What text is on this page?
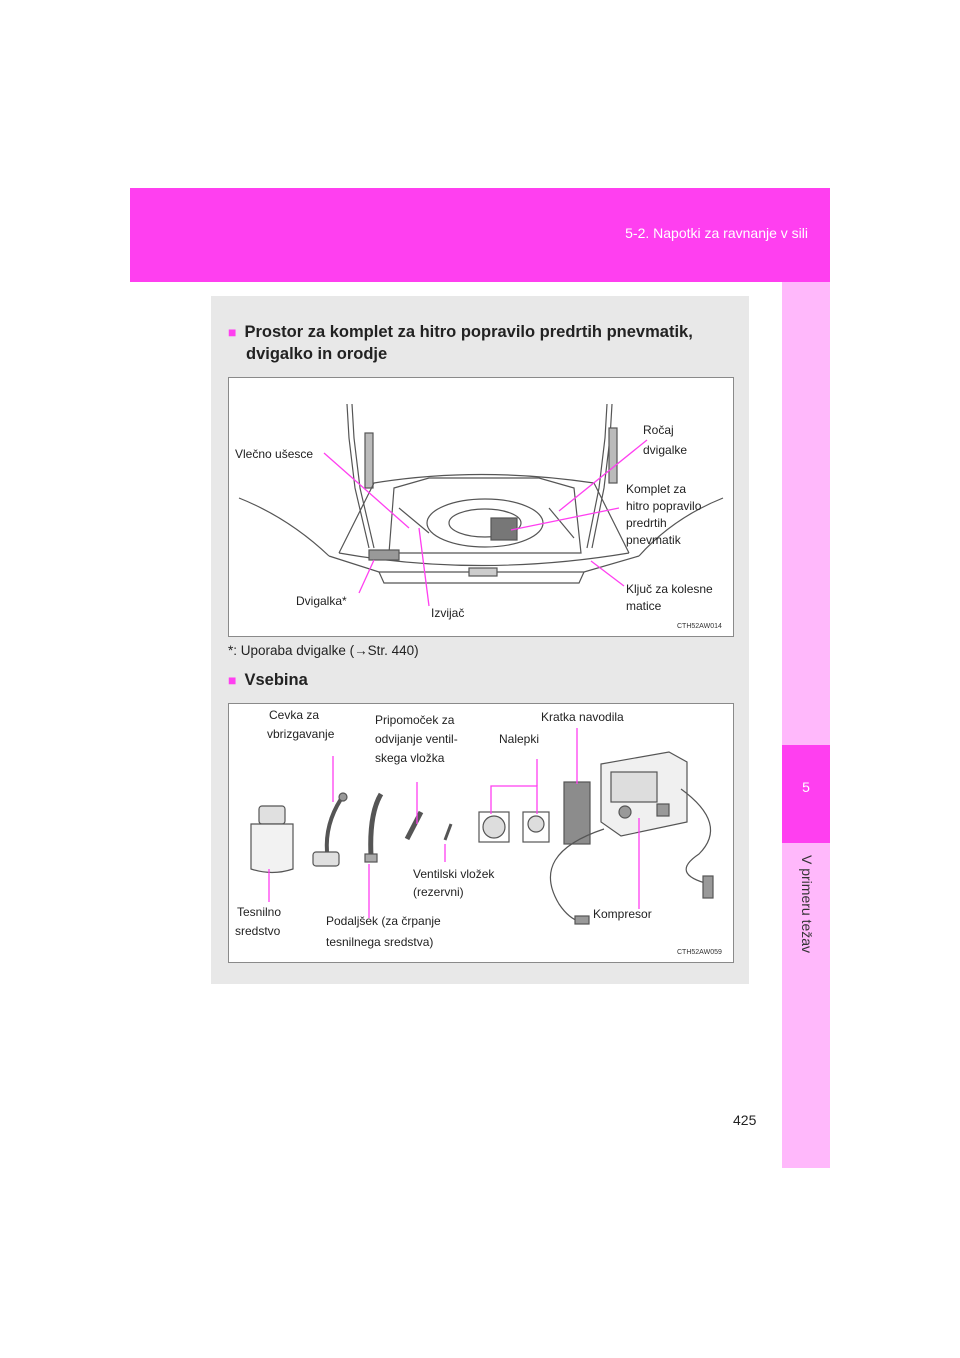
5-2. Napotki za ravnanje v sili
5
V primeru težav
■ Prostor za komplet za hitro popravilo predrtih pnevmatik,
dvigalko in orodje
Vlečno ušesce
Ročaj
dvigalke
Komplet za
hitro popravilo
predrtih
pnevmatik
Ključ za kolesne
matice
Dvigalka*
Izvijač
CTH52AW014
*: Uporaba dvigalke (→Str. 440)
■ Vsebina
Cevka za
vbrizgavanje
Pripomoček za
odvijanje ventil-
skega vložka
Nalepki
Kratka navodila
Ventilski vložek
(rezervni)
Tesnilno
sredstvo
Podaljšek (za črpanje
tesnilnega sredstva)
Kompresor
CTH52AW059
425
